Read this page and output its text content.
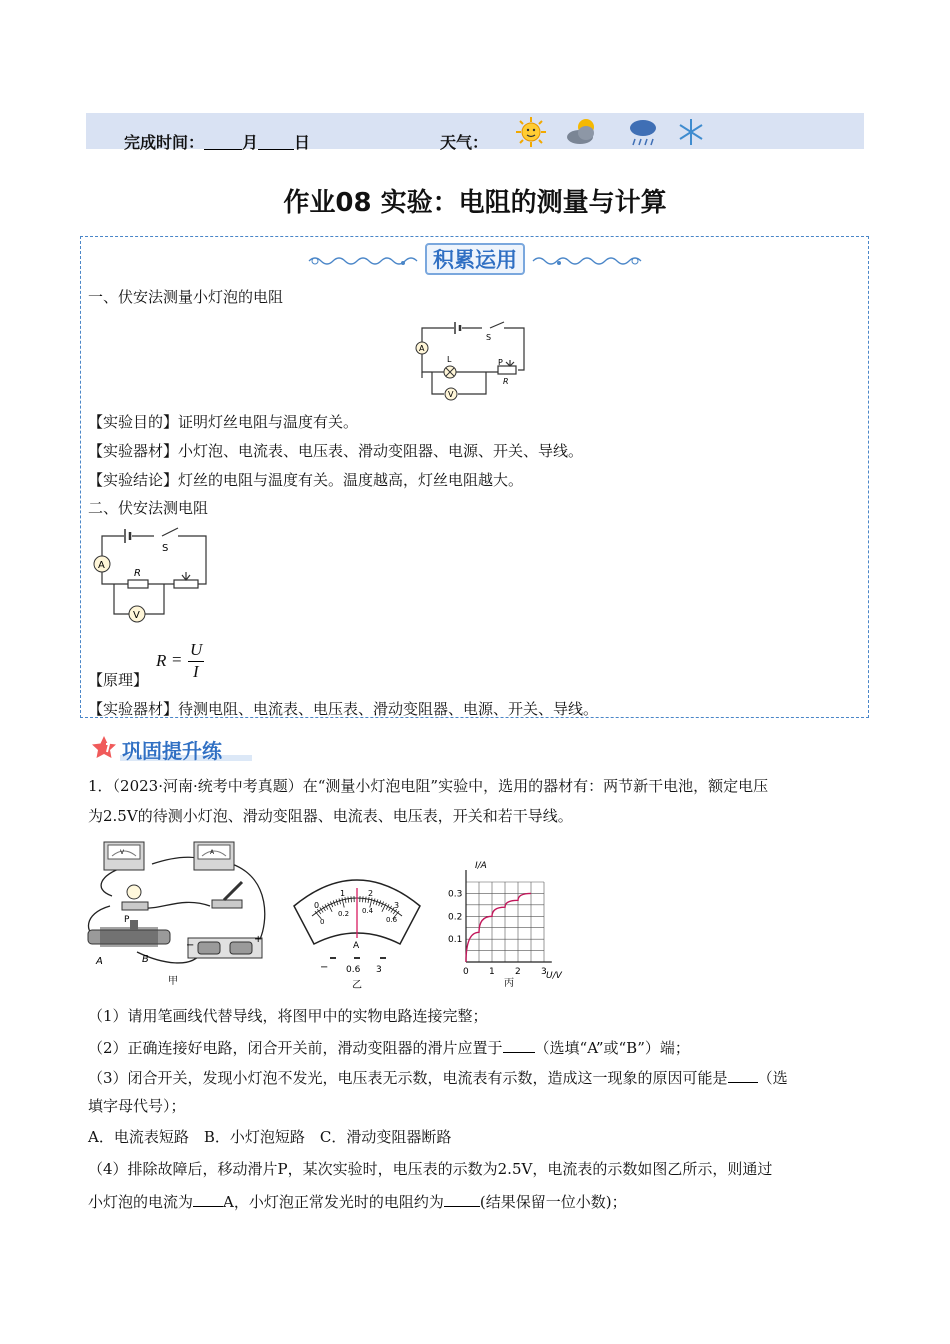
完成时间： 月 日	天气：
作业08 实验：电阻的测量与计算
积累运用
一、伏安法测量小灯泡的电阻
A
L
V
S
P
R
【实验目的】证明灯丝电阻与温度有关。
【实验器材】小灯泡、电流表、电压表、滑动变阻器、电源、开关、导线。
【实验结论】灯丝的电阻与温度有关。温度越高，灯丝电阻越大。
二、伏安法测电阻
A
V
S
R
R =
U
I
【原理】
【实验器材】待测电阻、电流表、电压表、滑动变阻器、电源、开关、导线。
巩固提升练
1．（2023·河南·统考中考真题）在“测量小灯泡电阻”实验中，选用的器材有：两节新干电池，额定电压
为2.5V的待测小灯泡、滑动变阻器、电流表、电压表，开关和若干导线。
V	A
P
A	B
−
+
甲
0
1	2
3
0
0.2 0.4
0.6
A
− 0.6 3
乙
0.1
0.2
0.3
0 1 2 3
I/A
U/V
丙
（1）请用笔画线代替导线，将图甲中的实物电路连接完整；
（2）正确连接好电路，闭合开关前，滑动变阻器的滑片应置于 （选填“A”或“B”）端；
（3）闭合开关，发现小灯泡不发光，电压表无示数，电流表有示数，造成这一现象的原因可能是 （选
填字母代号）；
A．电流表短路　B．小灯泡短路　C．滑动变阻器断路
（4）排除故障后，移动滑片P，某次实验时，电压表的示数为2.5V，电流表的示数如图乙所示，则通过
小灯泡的电流为 A，小灯泡正常发光时的电阻约为 (结果保留一位小数)；
